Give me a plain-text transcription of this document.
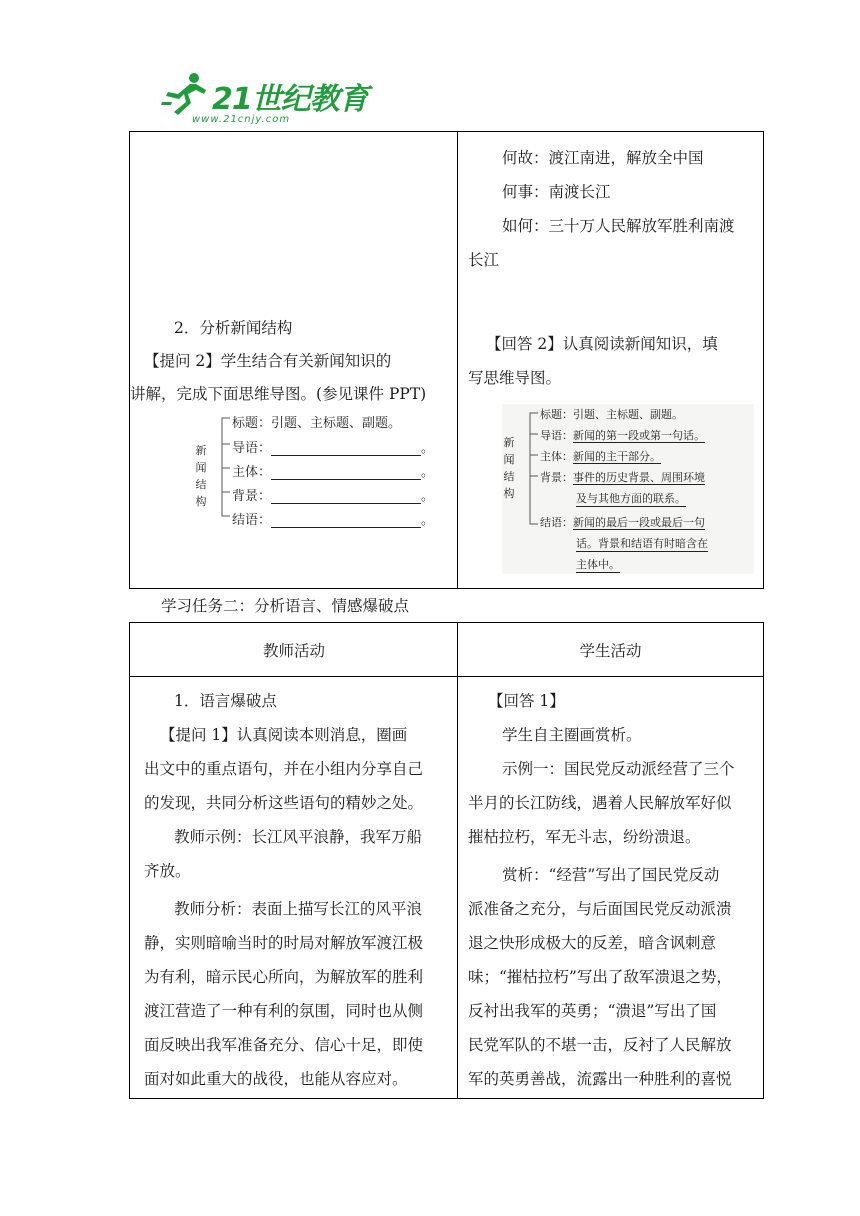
21世纪教育
www.21cnjy.com
2．分析新闻结构
【提问 2】学生结合有关新闻知识的
讲解，完成下面思维导图。(参见课件 PPT)
新
闻
结
构
标题：引题、主标题、副题。
导语：	。
主体：	。
背景：	。
结语：	。
何故：渡江南进，解放全中国
何事：南渡长江
如何：三十万人民解放军胜利南渡
长江
【回答 2】认真阅读新闻知识，填
写思维导图。
新
闻
结
构
标题：引题、主标题、副题。
导语：新闻的第一段或第一句话。
主体：新闻的主干部分。
背景：事件的历史背景、周围环境
及与其他方面的联系。
结语：新闻的最后一段或最后一句
话。背景和结语有时暗含在
主体中。
学习任务二：分析语言、情感爆破点
教师活动	学生活动
1．语言爆破点
【提问 1】认真阅读本则消息，圈画
出文中的重点语句，并在小组内分享自己
的发现，共同分析这些语句的精妙之处。
教师示例：长江风平浪静，我军万船
齐放。
教师分析：表面上描写长江的风平浪
静，实则暗喻当时的时局对解放军渡江极
为有利，暗示民心所向，为解放军的胜利
渡江营造了一种有利的氛围，同时也从侧
面反映出我军准备充分、信心十足，即使
面对如此重大的战役，也能从容应对。
【回答 1】
学生自主圈画赏析。
示例一：国民党反动派经营了三个
半月的长江防线，遇着人民解放军好似
摧枯拉朽，军无斗志，纷纷溃退。
赏析：“经营”写出了国民党反动
派准备之充分，与后面国民党反动派溃
退之快形成极大的反差，暗含讽刺意
味；“摧枯拉朽”写出了敌军溃退之势，
反衬出我军的英勇；“溃退”写出了国
民党军队的不堪一击，反衬了人民解放
军的英勇善战，流露出一种胜利的喜悦
